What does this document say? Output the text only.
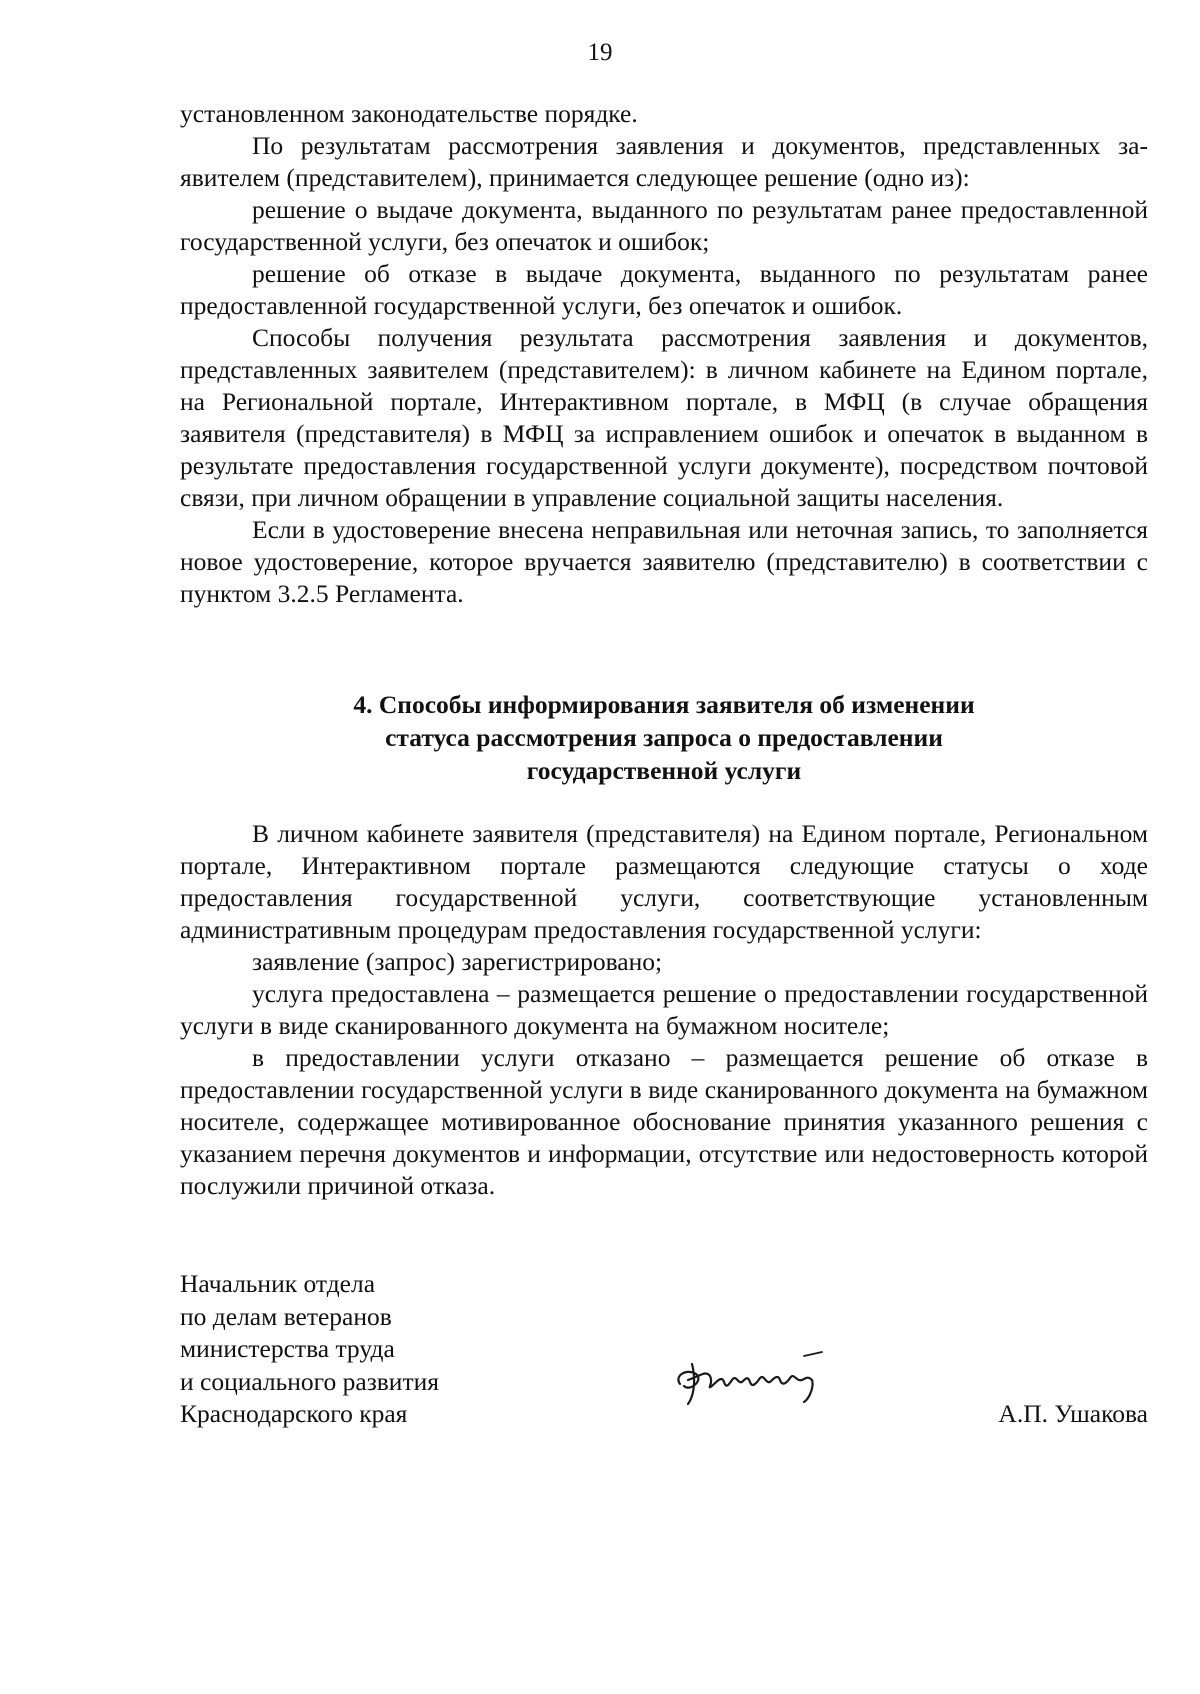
19

установленном законодательстве порядке.

По результатам рассмотрения заявления и документов, представленных заявителем (представителем), принимается следующее решение (одно из):

решение о выдаче документа, выданного по результатам ранее предоставленной государственной услуги, без опечаток и ошибок;

решение об отказе в выдаче документа, выданного по результатам ранее предоставленной государственной услуги, без опечаток и ошибок.

Способы получения результата рассмотрения заявления и документов, представленных заявителем (представителем): в личном кабинете на Едином портале, на Региональной портале, Интерактивном портале, в МФЦ (в случае обращения заявителя (представителя) в МФЦ за исправлением ошибок и опечаток в выданном в результате предоставления государственной услуги документе), посредством почтовой связи, при личном обращении в управление социальной защиты населения.

Если в удостоверение внесена неправильная или неточная запись, то заполняется новое удостоверение, которое вручается заявителю (представителю) в соответствии с пунктом 3.2.5 Регламента.

4. Способы информирования заявителя об изменении
статуса рассмотрения запроса о предоставлении
государственной услуги

В личном кабинете заявителя (представителя) на Едином портале, Региональном портале, Интерактивном портале размещаются следующие статусы о ходе предоставления государственной услуги, соответствующие установленным административным процедурам предоставления государственной услуги:

заявление (запрос) зарегистрировано;

услуга предоставлена – размещается решение о предоставлении государственной услуги в виде сканированного документа на бумажном носителе;

в предоставлении услуги отказано – размещается решение об отказе в предоставлении государственной услуги в виде сканированного документа на бумажном носителе, содержащее мотивированное обоснование принятия указанного решения с указанием перечня документов и информации, отсутствие или недостоверность которой послужили причиной отказа.

Начальник отдела
по делам ветеранов
министерства труда
и социального развития
Краснодарского края	А.П. Ушакова
